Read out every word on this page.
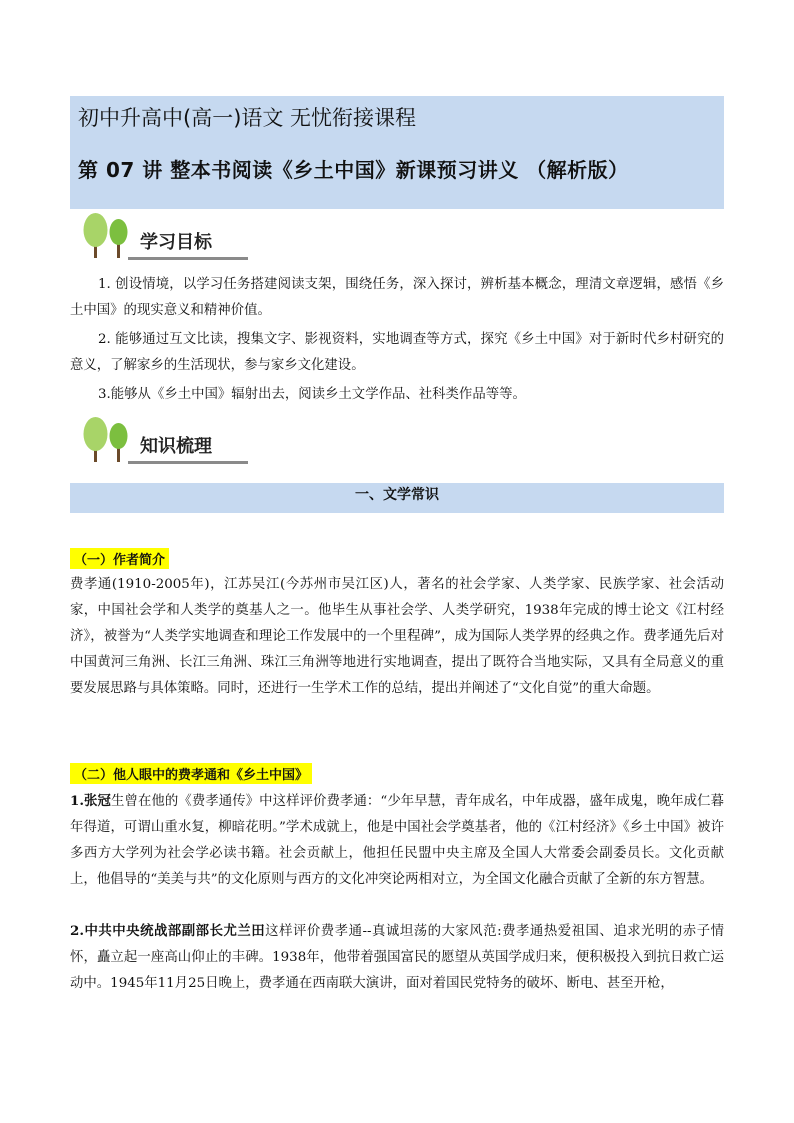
初中升高中(高一)语文 无忧衔接课程
第 07 讲 整本书阅读《乡土中国》新课预习讲义 （解析版）
学习目标

1. 创设情境，以学习任务搭建阅读支架，围绕任务，深入探讨，辨析基本概念，理清文章逻辑，感悟《乡土中国》的现实意义和精神价值。

2. 能够通过互文比读，搜集文字、影视资料，实地调查等方式，探究《乡土中国》对于新时代乡村研究的意义，了解家乡的生活现状，参与家乡文化建设。

3.能够从《乡土中国》辐射出去，阅读乡土文学作品、社科类作品等等。

知识梳理
一、文学常识
（一）作者简介

费孝通(1910-2005年)，江苏吴江(今苏州市吴江区)人，著名的社会学家、人类学家、民族学家、社会活动家，中国社会学和人类学的奠基人之一。他毕生从事社会学、人类学研究，1938年完成的博士论文《江村经济》，被誉为“人类学实地调查和理论工作发展中的一个里程碑”，成为国际人类学界的经典之作。费孝通先后对中国黄河三角洲、长江三角洲、珠江三角洲等地进行实地调查，提出了既符合当地实际，又具有全局意义的重要发展思路与具体策略。同时，还进行一生学术工作的总结，提出并阐述了“文化自觉”的重大命题。

（二）他人眼中的费孝通和《乡土中国》

1.张冠生曾在他的《费孝通传》中这样评价费孝通：“少年早慧，青年成名，中年成器，盛年成鬼，晚年成仁暮年得道，可谓山重水复，柳暗花明。”学术成就上，他是中国社会学奠基者，他的《江村经济》《乡土中国》被许多西方大学列为社会学必读书籍。社会贡献上，他担任民盟中央主席及全国人大常委会副委员长。文化贡献上，他倡导的“美美与共”的文化原则与西方的文化冲突论两相对立，为全国文化融合贡献了全新的东方智慧。

2.中共中央统战部副部长尤兰田这样评价费孝通--真诚坦荡的大家风范:费孝通热爱祖国、追求光明的赤子情怀，矗立起一座高山仰止的丰碑。1938年，他带着强国富民的愿望从英国学成归来，便积极投入到抗日救亡运动中。1945年11月25日晚上，费孝通在西南联大演讲，面对着国民党特务的破坏、断电、甚至开枪，
